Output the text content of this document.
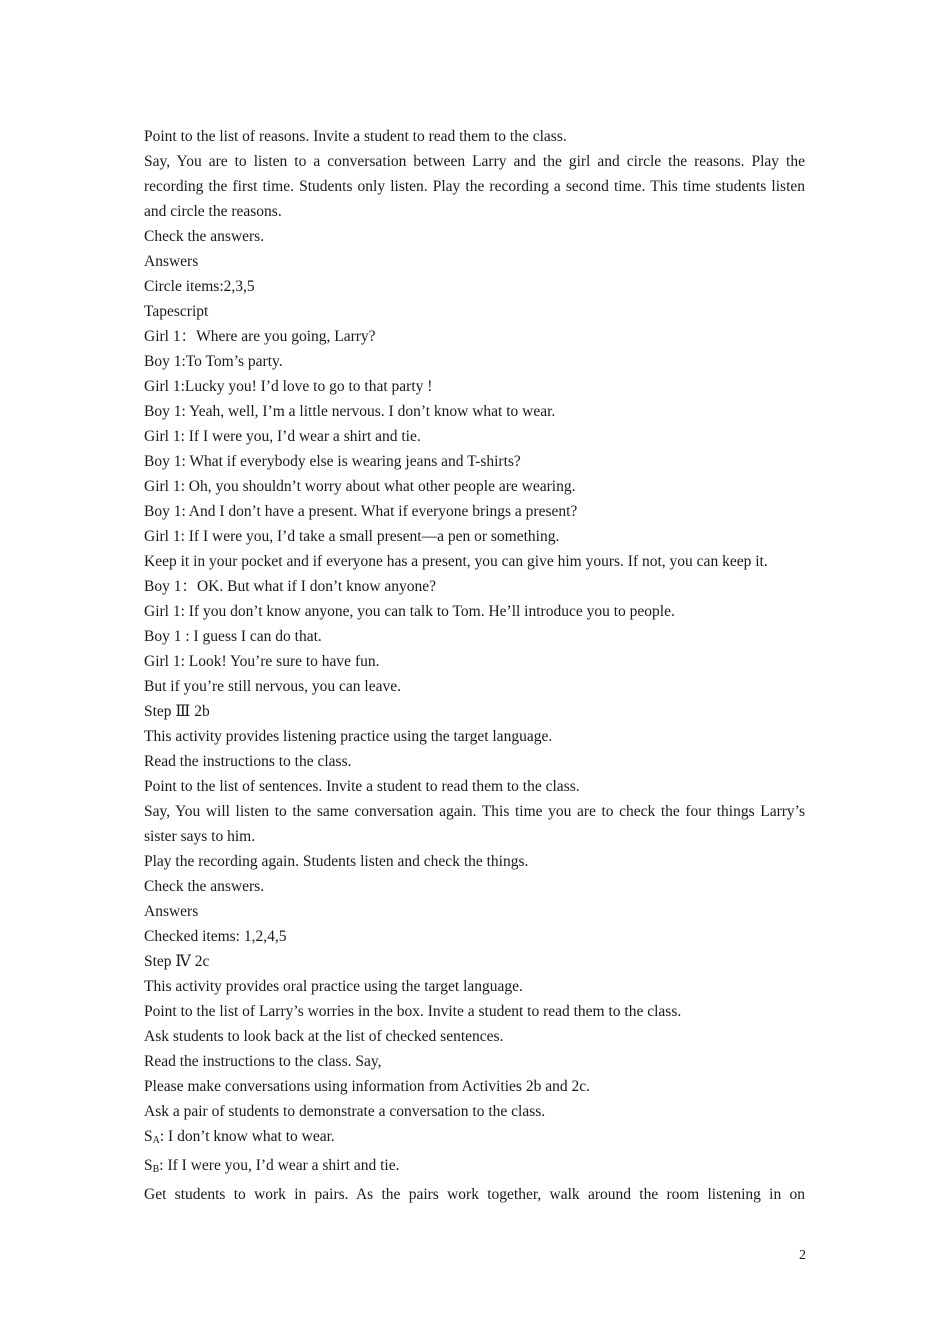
Point to the list of reasons. Invite a student to read them to the class.

Say, You are to listen to a conversation between Larry and the girl and circle the reasons. Play the recording the first time. Students only listen. Play the recording a second time. This time students listen and circle the reasons.

Check the answers.

Answers

Circle items:2,3,5

Tapescript

Girl 1：Where are you going, Larry?

Boy 1:To Tom’s party.

Girl 1:Lucky you! I’d love to go to that party !

Boy 1: Yeah, well, I’m a little nervous. I don’t know what to wear.

Girl 1: If I were you, I’d wear a shirt and tie.

Boy 1: What if everybody else is wearing jeans and T-shirts?

Girl 1: Oh, you shouldn’t worry about what other people are wearing.

Boy 1: And I don’t have a present. What if everyone brings a present?

Girl 1: If I were you, I’d take a small present—a pen or something.

Keep it in your pocket and if everyone has a present, you can give him yours. If not, you can keep it.

Boy 1：OK. But what if I don’t know anyone?

Girl 1: If you don’t know anyone, you can talk to Tom. He’ll introduce you to people.

Boy 1 : I guess I can do that.

Girl 1: Look! You’re sure to have fun.

But if you’re still nervous, you can leave.

Step Ⅲ 2b

This activity provides listening practice using the target language.

Read the instructions to the class.

Point to the list of sentences. Invite a student to read them to the class.

Say, You will listen to the same conversation again. This time you are to check the four things Larry’s sister says to him.

Play the recording again. Students listen and check the things.

Check the answers.

Answers

Checked items: 1,2,4,5

Step Ⅳ 2c

This activity provides oral practice using the target language.

Point to the list of Larry’s worries in the box. Invite a student to read them to the class.

Ask students to look back at the list of checked sentences.

Read the instructions to the class. Say,

Please make conversations using information from Activities 2b and 2c.

Ask a pair of students to demonstrate a conversation to the class.

$S_A$: I don’t know what to wear.

$S_B$: If I were you, I’d wear a shirt and tie.

Get students to work in pairs. As the pairs work together, walk around the room listening in on

2
